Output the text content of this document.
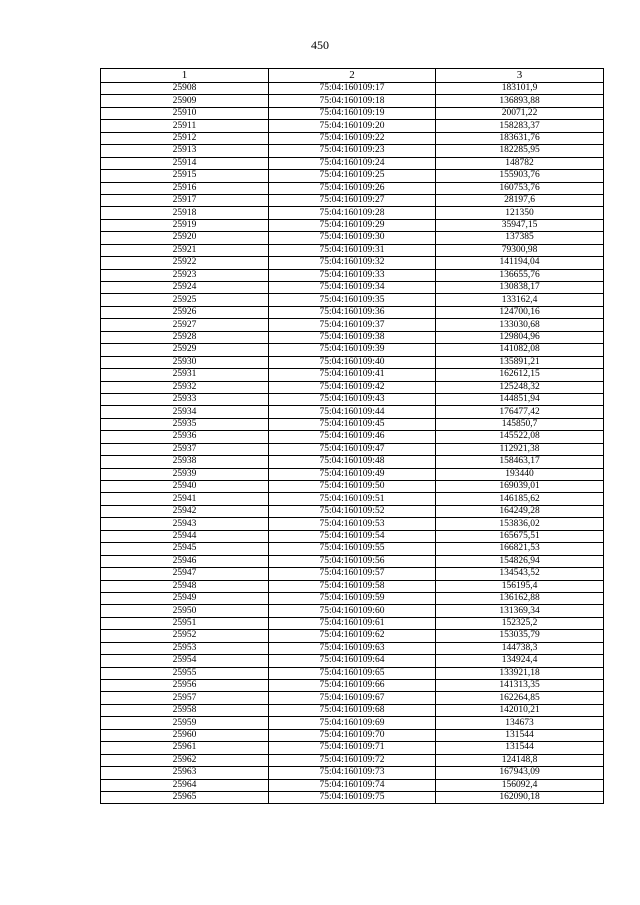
450
1	2	3
25908	75:04:160109:17	183101,9
25909	75:04:160109:18	136893,88
25910	75:04:160109:19	20071,22
25911	75:04:160109:20	158283,37
25912	75:04:160109:22	183631,76
25913	75:04:160109:23	182285,95
25914	75:04:160109:24	148782
25915	75:04:160109:25	155903,76
25916	75:04:160109:26	160753,76
25917	75:04:160109:27	28197,6
25918	75:04:160109:28	121350
25919	75:04:160109:29	35947,15
25920	75:04:160109:30	137385
25921	75:04:160109:31	79300,98
25922	75:04:160109:32	141194,04
25923	75:04:160109:33	136655,76
25924	75:04:160109:34	130838,17
25925	75:04:160109:35	133162,4
25926	75:04:160109:36	124700,16
25927	75:04:160109:37	133030,68
25928	75:04:160109:38	129804,96
25929	75:04:160109:39	141082,08
25930	75:04:160109:40	135891,21
25931	75:04:160109:41	162612,15
25932	75:04:160109:42	125248,32
25933	75:04:160109:43	144851,94
25934	75:04:160109:44	176477,42
25935	75:04:160109:45	145850,7
25936	75:04:160109:46	145522,08
25937	75:04:160109:47	112921,38
25938	75:04:160109:48	158463,17
25939	75:04:160109:49	193440
25940	75:04:160109:50	169039,01
25941	75:04:160109:51	146185,62
25942	75:04:160109:52	164249,28
25943	75:04:160109:53	153836,02
25944	75:04:160109:54	165675,51
25945	75:04:160109:55	166821,53
25946	75:04:160109:56	154826,94
25947	75:04:160109:57	134543,52
25948	75:04:160109:58	156195,4
25949	75:04:160109:59	136162,88
25950	75:04:160109:60	131369,34
25951	75:04:160109:61	152325,2
25952	75:04:160109:62	153035,79
25953	75:04:160109:63	144738,3
25954	75:04:160109:64	134924,4
25955	75:04:160109:65	133921,18
25956	75:04:160109:66	141313,35
25957	75:04:160109:67	162264,85
25958	75:04:160109:68	142010,21
25959	75:04:160109:69	134673
25960	75:04:160109:70	131544
25961	75:04:160109:71	131544
25962	75:04:160109:72	124148,8
25963	75:04:160109:73	167943,09
25964	75:04:160109:74	156092,4
25965	75:04:160109:75	162090,18
